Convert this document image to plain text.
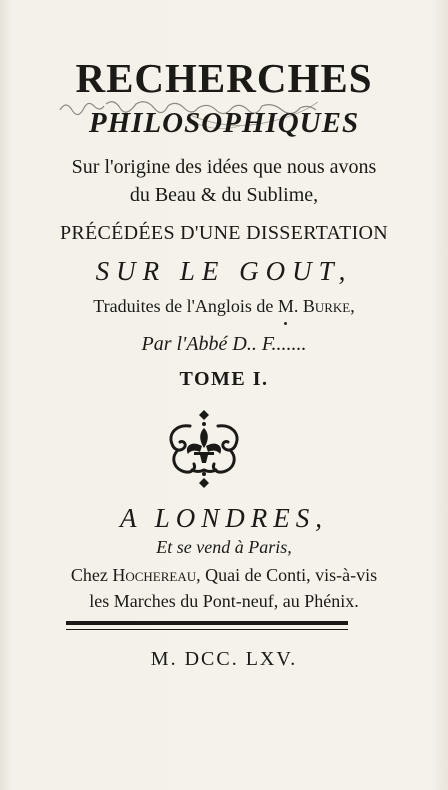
RECHERCHES
PHILOSOPHIQUES
Sur l'origine des idées que nous avons
du Beau & du Sublime,
PRÉCÉDÉES D'UNE DISSERTATION
SUR LE GOUT,
Traduites de l'Anglois de M. Burke,
Par l'Abbé D.. F.......
TOME I.
A LONDRES,
Et se vend à Paris,
Chez Hochereau, Quai de Conti, vis-à-vis
les Marches du Pont-neuf, au Phénix.
M. DCC. LXV.
